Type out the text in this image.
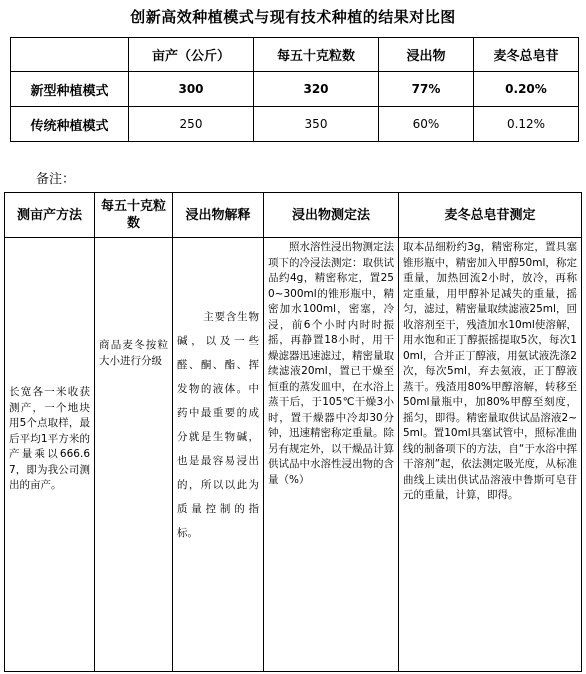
创新高效种植模式与现有技术种植的结果对比图
	亩产（公斤）	每五十克粒数	浸出物	麦冬总皂苷
新型种植模式	300	320	77%	0.20%
传统种植模式	250	350	60%	0.12%
备注：
测亩产方法	每五十克粒数	浸出物解释	浸出物测定法	麦冬总皂苷测定

长宽各一米收获测产，一个地块用5个点取样，最后平均1平方米的产量乘以666.67，即为我公司测出的亩产。	商品麦冬按粒大小进行分级	主要含生物碱，以及一些醛、酮、酯、挥发物的液体。中药中最重要的成分就是生物碱，也是最容易浸出的，所以以此为质量控制的指标。	照水溶性浸出物测定法项下的冷浸法测定：取供试品约4g，精密称定，置250~300ml的锥形瓶中，精密加水100ml，密塞，冷浸，前6个小时内时时振摇，再静置18小时，用干燥滤器迅速滤过，精密量取续滤液20ml，置已干燥至恒重的蒸发皿中，在水浴上蒸干后，于105℃干燥3小时，置干燥器中冷却30分钟，迅速精密称定重量。除另有规定外，以干燥品计算供试品中水溶性浸出物的含量（%）	取本品细粉约3g，精密称定，置具塞锥形瓶中，精密加入甲醇50ml，称定重量，加热回流2小时，放冷，再称定重量，用甲醇补足减失的重量，摇匀，滤过，精密量取续滤液25ml，回收溶剂至干，残渣加水10ml使溶解，用水饱和正丁醇振摇提取5次，每次10ml，合并正丁醇液，用氨试液洗涤2次，每次5ml，弃去氨液，正丁醇液蒸干。残渣用80%甲醇溶解，转移至50ml量瓶中，加80%甲醇至刻度，摇匀，即得。精密量取供试品溶液2~5ml。置10ml具塞试管中，照标准曲线的制备项下的方法，自“于水浴中挥干溶剂”起，依法测定吸光度，从标准曲线上读出供试品溶液中鲁斯可皂苷元的重量，计算，即得。
